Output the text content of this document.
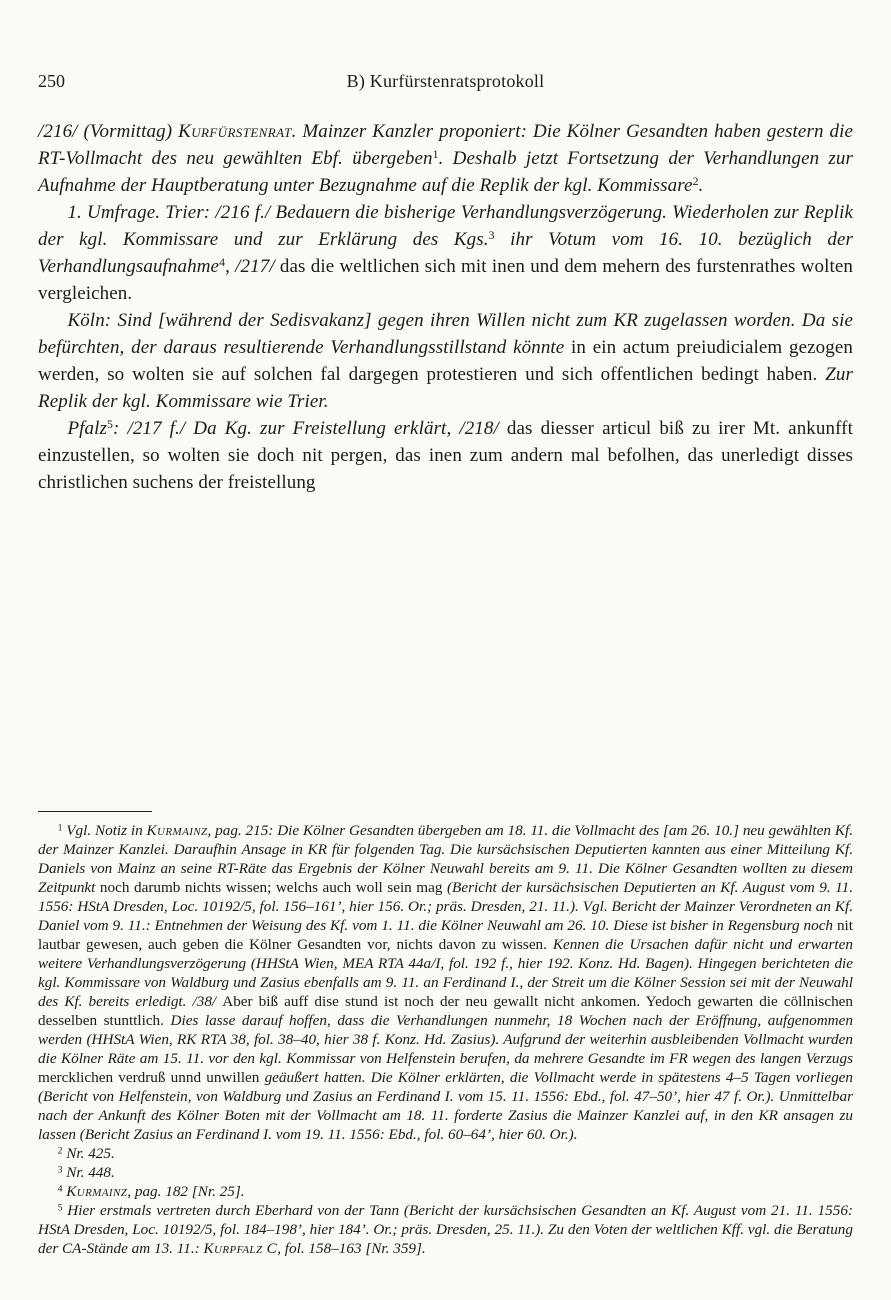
250	B) Kurfürstenratsprotokoll

/216/ (Vormittag) Kurfürstenrat. Mainzer Kanzler proponiert: Die Kölner Gesandten haben gestern die RT-Vollmacht des neu gewählten Ebf. übergeben$^1$. Deshalb jetzt Fortsetzung der Verhandlungen zur Aufnahme der Hauptberatung unter Bezugnahme auf die Replik der kgl. Kommissare$^2$.

1. Umfrage. Trier: /216 f./ Bedauern die bisherige Verhandlungsverzögerung. Wiederholen zur Replik der kgl. Kommissare und zur Erklärung des Kgs.$^3$ ihr Votum vom 16. 10. bezüglich der Verhandlungsaufnahme$^4$, /217/ das die weltlichen sich mit inen und dem mehern des furstenrathes wolten vergleichen.

Köln: Sind [während der Sedisvakanz] gegen ihren Willen nicht zum KR zugelassen worden. Da sie befürchten, der daraus resultierende Verhandlungsstillstand könnte in ein actum preiudicialem gezogen werden, so wolten sie auf solchen fal dargegen protestieren und sich offentlichen bedingt haben. Zur Replik der kgl. Kommissare wie Trier.

Pfalz$^5$: /217 f./ Da Kg. zur Freistellung erklärt, /218/ das diesser articul biß zu irer Mt. ankunfft einzustellen, so wolten sie doch nit pergen, das inen zum andern mal befolhen, das unerledigt disses christlichen suchens der freistellung

$^1$ Vgl. Notiz in Kurmainz, pag. 215: Die Kölner Gesandten übergeben am 18. 11. die Vollmacht des [am 26. 10.] neu gewählten Kf. der Mainzer Kanzlei. Daraufhin Ansage in KR für folgenden Tag. Die kursächsischen Deputierten kannten aus einer Mitteilung Kf. Daniels von Mainz an seine RT-Räte das Ergebnis der Kölner Neuwahl bereits am 9. 11. Die Kölner Gesandten wollten zu diesem Zeitpunkt noch darumb nichts wissen; welchs auch woll sein mag (Bericht der kursächsischen Deputierten an Kf. August vom 9. 11. 1556: HStA Dresden, Loc. 10192/5, fol. 156–161’, hier 156. Or.; präs. Dresden, 21. 11.). Vgl. Bericht der Mainzer Verordneten an Kf. Daniel vom 9. 11.: Entnehmen der Weisung des Kf. vom 1. 11. die Kölner Neuwahl am 26. 10. Diese ist bisher in Regensburg noch nit lautbar gewesen, auch geben die Kölner Gesandten vor, nichts davon zu wissen. Kennen die Ursachen dafür nicht und erwarten weitere Verhandlungsverzögerung (HHStA Wien, MEA RTA 44a/I, fol. 192 f., hier 192. Konz. Hd. Bagen). Hingegen berichteten die kgl. Kommissare von Waldburg und Zasius ebenfalls am 9. 11. an Ferdinand I., der Streit um die Kölner Session sei mit der Neuwahl des Kf. bereits erledigt. /38/ Aber biß auff dise stund ist noch der neu gewallt nicht ankomen. Yedoch gewarten die cöllnischen desselben stunttlich. Dies lasse darauf hoffen, dass die Verhandlungen nunmehr, 18 Wochen nach der Eröffnung, aufgenommen werden (HHStA Wien, RK RTA 38, fol. 38–40, hier 38 f. Konz. Hd. Zasius). Aufgrund der weiterhin ausbleibenden Vollmacht wurden die Kölner Räte am 15. 11. vor den kgl. Kommissar von Helfenstein berufen, da mehrere Gesandte im FR wegen des langen Verzugs mercklichen verdruß unnd unwillen geäußert hatten. Die Kölner erklärten, die Vollmacht werde in spätestens 4–5 Tagen vorliegen (Bericht von Helfenstein, von Waldburg und Zasius an Ferdinand I. vom 15. 11. 1556: Ebd., fol. 47–50’, hier 47 f. Or.). Unmittelbar nach der Ankunft des Kölner Boten mit der Vollmacht am 18. 11. forderte Zasius die Mainzer Kanzlei auf, in den KR ansagen zu lassen (Bericht Zasius an Ferdinand I. vom 19. 11. 1556: Ebd., fol. 60–64’, hier 60. Or.).

$^2$ Nr. 425.

$^3$ Nr. 448.

$^4$ Kurmainz, pag. 182 [Nr. 25].

$^5$ Hier erstmals vertreten durch Eberhard von der Tann (Bericht der kursächsischen Gesandten an Kf. August vom 21. 11. 1556: HStA Dresden, Loc. 10192/5, fol. 184–198’, hier 184’. Or.; präs. Dresden, 25. 11.). Zu den Voten der weltlichen Kff. vgl. die Beratung der CA-Stände am 13. 11.: Kurpfalz C, fol. 158–163 [Nr. 359].
